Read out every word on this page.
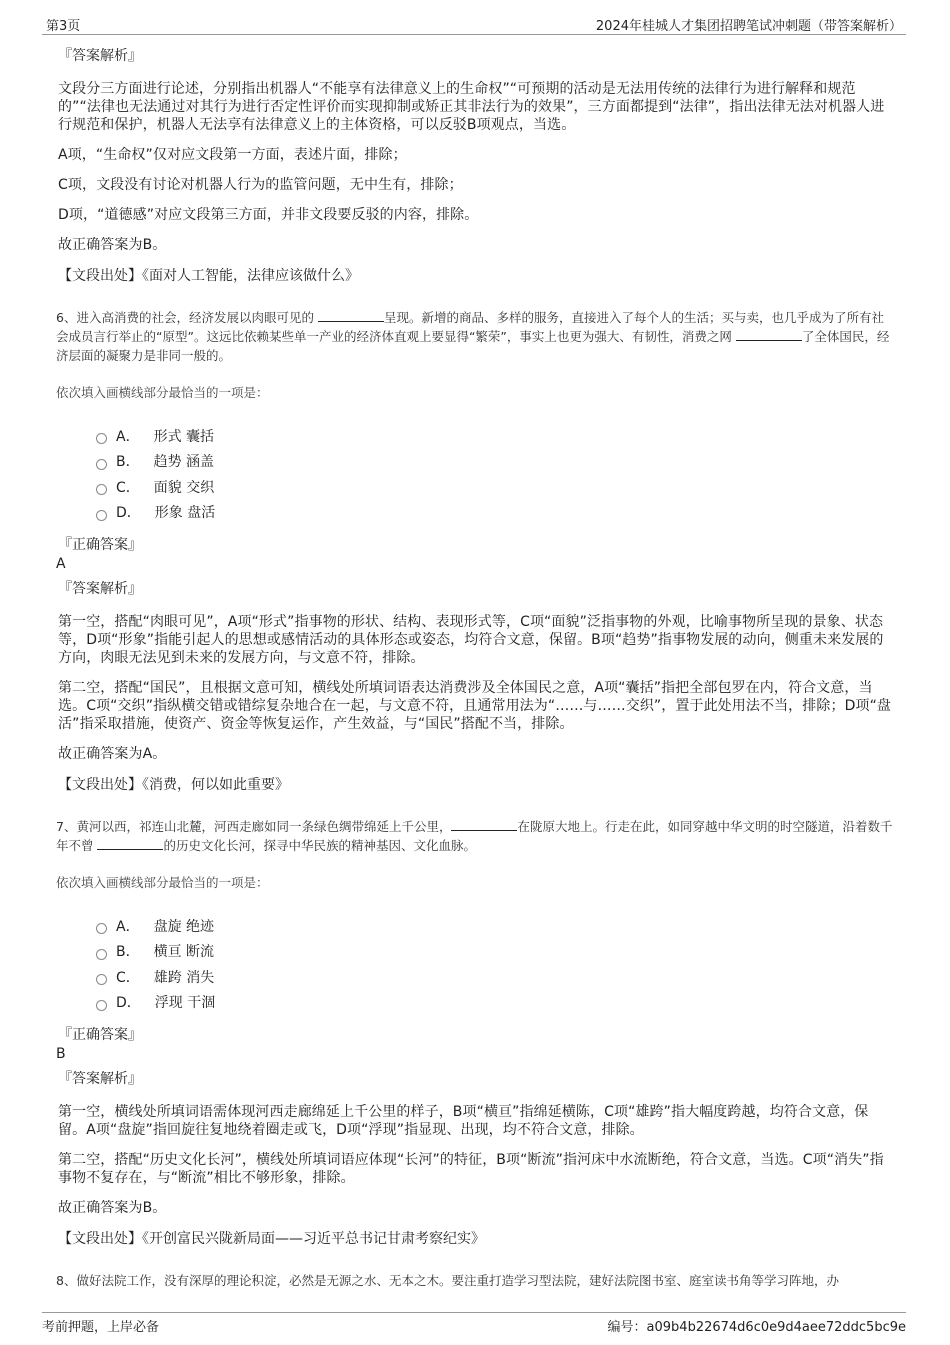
第3页	2024年桂城人才集团招聘笔试冲刺题（带答案解析）
『答案解析』

文段分三方面进行论述，分别指出机器人“不能享有法律意义上的生命权”“可预期的活动是无法用传统的法律行为进行解释和规范的”“法律也无法通过对其行为进行否定性评价而实现抑制或矫正其非法行为的效果”，三方面都提到“法律”，指出法律无法对机器人进行规范和保护，机器人无法享有法律意义上的主体资格，可以反驳B项观点，当选。

A项，“生命权”仅对应文段第一方面，表述片面，排除；

C项，文段没有讨论对机器人行为的监管问题，无中生有，排除；

D项，“道德感”对应文段第三方面，并非文段要反驳的内容，排除。

故正确答案为B。

【文段出处】《面对人工智能，法律应该做什么》
6、进入高消费的社会，经济发展以肉眼可见的	呈现。新增的商品、多样的服务，直接进入了每个人的生活；买与卖，也几乎成为了所有社会成员言行举止的“原型”。这远比依赖某些单一产业的经济体直观上要显得“繁荣”，事实上也更为强大、有韧性，消费之网	了全体国民，经济层面的凝聚力是非同一般的。
依次填入画横线部分最恰当的一项是：
A． 形式 囊括
B． 趋势 涵盖
C． 面貌 交织
D． 形象 盘活
『正确答案』
A
『答案解析』

第一空，搭配“肉眼可见”，A项“形式”指事物的形状、结构、表现形式等，C项“面貌”泛指事物的外观，比喻事物所呈现的景象、状态等，D项“形象”指能引起人的思想或感情活动的具体形态或姿态，均符合文意，保留。B项“趋势”指事物发展的动向，侧重未来发展的方向，肉眼无法见到未来的发展方向，与文意不符，排除。

第二空，搭配“国民”，且根据文意可知，横线处所填词语表达消费涉及全体国民之意，A项“囊括”指把全部包罗在内，符合文意，当选。C项“交织”指纵横交错或错综复杂地合在一起，与文意不符，且通常用法为“……与……交织”，置于此处用法不当，排除；D项“盘活”指采取措施，使资产、资金等恢复运作，产生效益，与“国民”搭配不当，排除。

故正确答案为A。

【文段出处】《消费，何以如此重要》
7、黄河以西，祁连山北麓，河西走廊如同一条绿色绸带绵延上千公里，	在陇原大地上。行走在此，如同穿越中华文明的时空隧道，沿着数千年不曾	的历史文化长河，探寻中华民族的精神基因、文化血脉。
依次填入画横线部分最恰当的一项是：
A． 盘旋 绝迹
B． 横亘 断流
C． 雄跨 消失
D． 浮现 干涸
『正确答案』
B
『答案解析』

第一空，横线处所填词语需体现河西走廊绵延上千公里的样子，B项“横亘”指绵延横陈，C项“雄跨”指大幅度跨越，均符合文意，保留。A项“盘旋”指回旋往复地绕着圈走或飞，D项“浮现”指显现、出现，均不符合文意，排除。

第二空，搭配“历史文化长河”，横线处所填词语应体现“长河”的特征，B项“断流”指河床中水流断绝，符合文意，当选。C项“消失”指事物不复存在，与“断流”相比不够形象，排除。

故正确答案为B。

【文段出处】《开创富民兴陇新局面——习近平总书记甘肃考察纪实》
8、做好法院工作，没有深厚的理论积淀，必然是无源之水、无本之木。要注重打造学习型法院，建好法院图书室、庭室读书角等学习阵地，办
考前押题，上岸必备	编号：a09b4b22674d6c0e9d4aee72ddc5bc9e
